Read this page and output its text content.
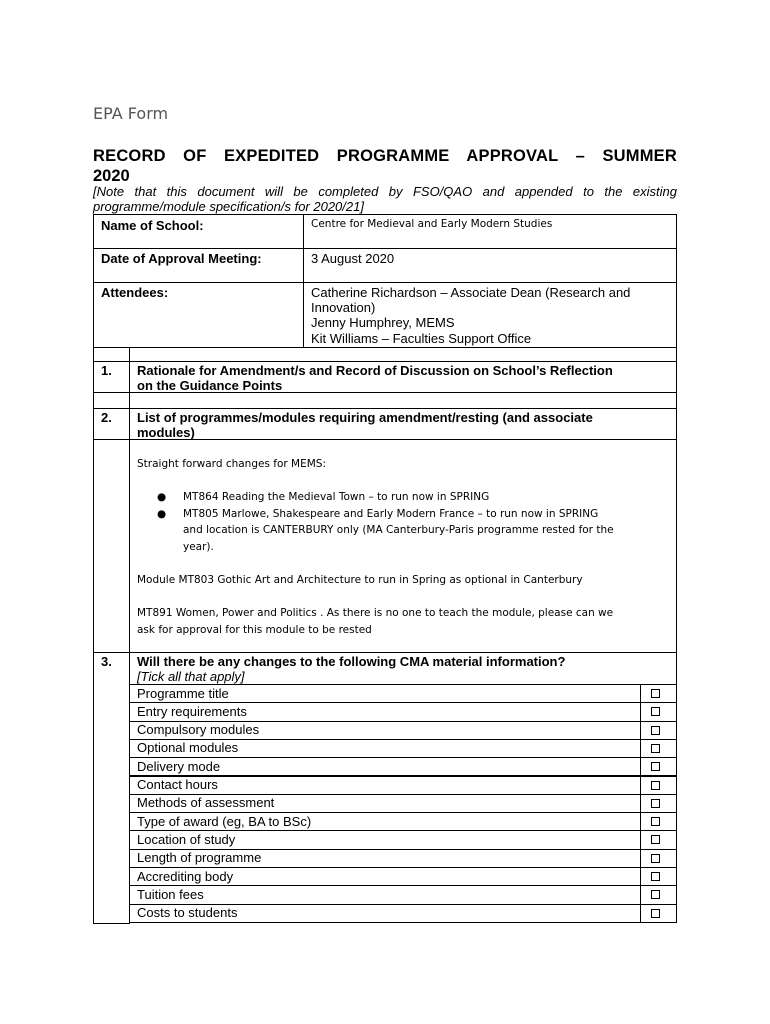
EPA Form
RECORD OF EXPEDITED PROGRAMME APPROVAL – SUMMER
2020
[Note that this document will be completed by FSO/QAO and appended to the existing
programme/module specification/s for 2020/21]
Name of School:	Centre for Medieval and Early Modern Studies
Date of Approval Meeting:	3 August 2020
Attendees:	Catherine Richardson – Associate Dean (Research and
Innovation)
Jenny Humphrey, MEMS
Kit Williams – Faculties Support Office
1. Rationale for Amendment/s and Record of Discussion on School’s Reflection
on the Guidance Points
2. List of programmes/modules requiring amendment/resting (and associate
modules)
Straight forward changes for MEMS:
● MT864 Reading the Medieval Town – to run now in SPRING
● MT805 Marlowe, Shakespeare and Early Modern France – to run now in SPRING
and location is CANTERBURY only (MA Canterbury-Paris programme rested for the
year).
Module MT803 Gothic Art and Architecture to run in Spring as optional in Canterbury
MT891 Women, Power and Politics . As there is no one to teach the module, please can we
ask for approval for this module to be rested
3. Will there be any changes to the following CMA material information?
[Tick all that apply]
Programme title
Entry requirements
Compulsory modules
Optional modules
Delivery mode
Contact hours
Methods of assessment
Type of award (eg, BA to BSc)
Location of study
Length of programme
Accrediting body
Tuition fees
Costs to students
